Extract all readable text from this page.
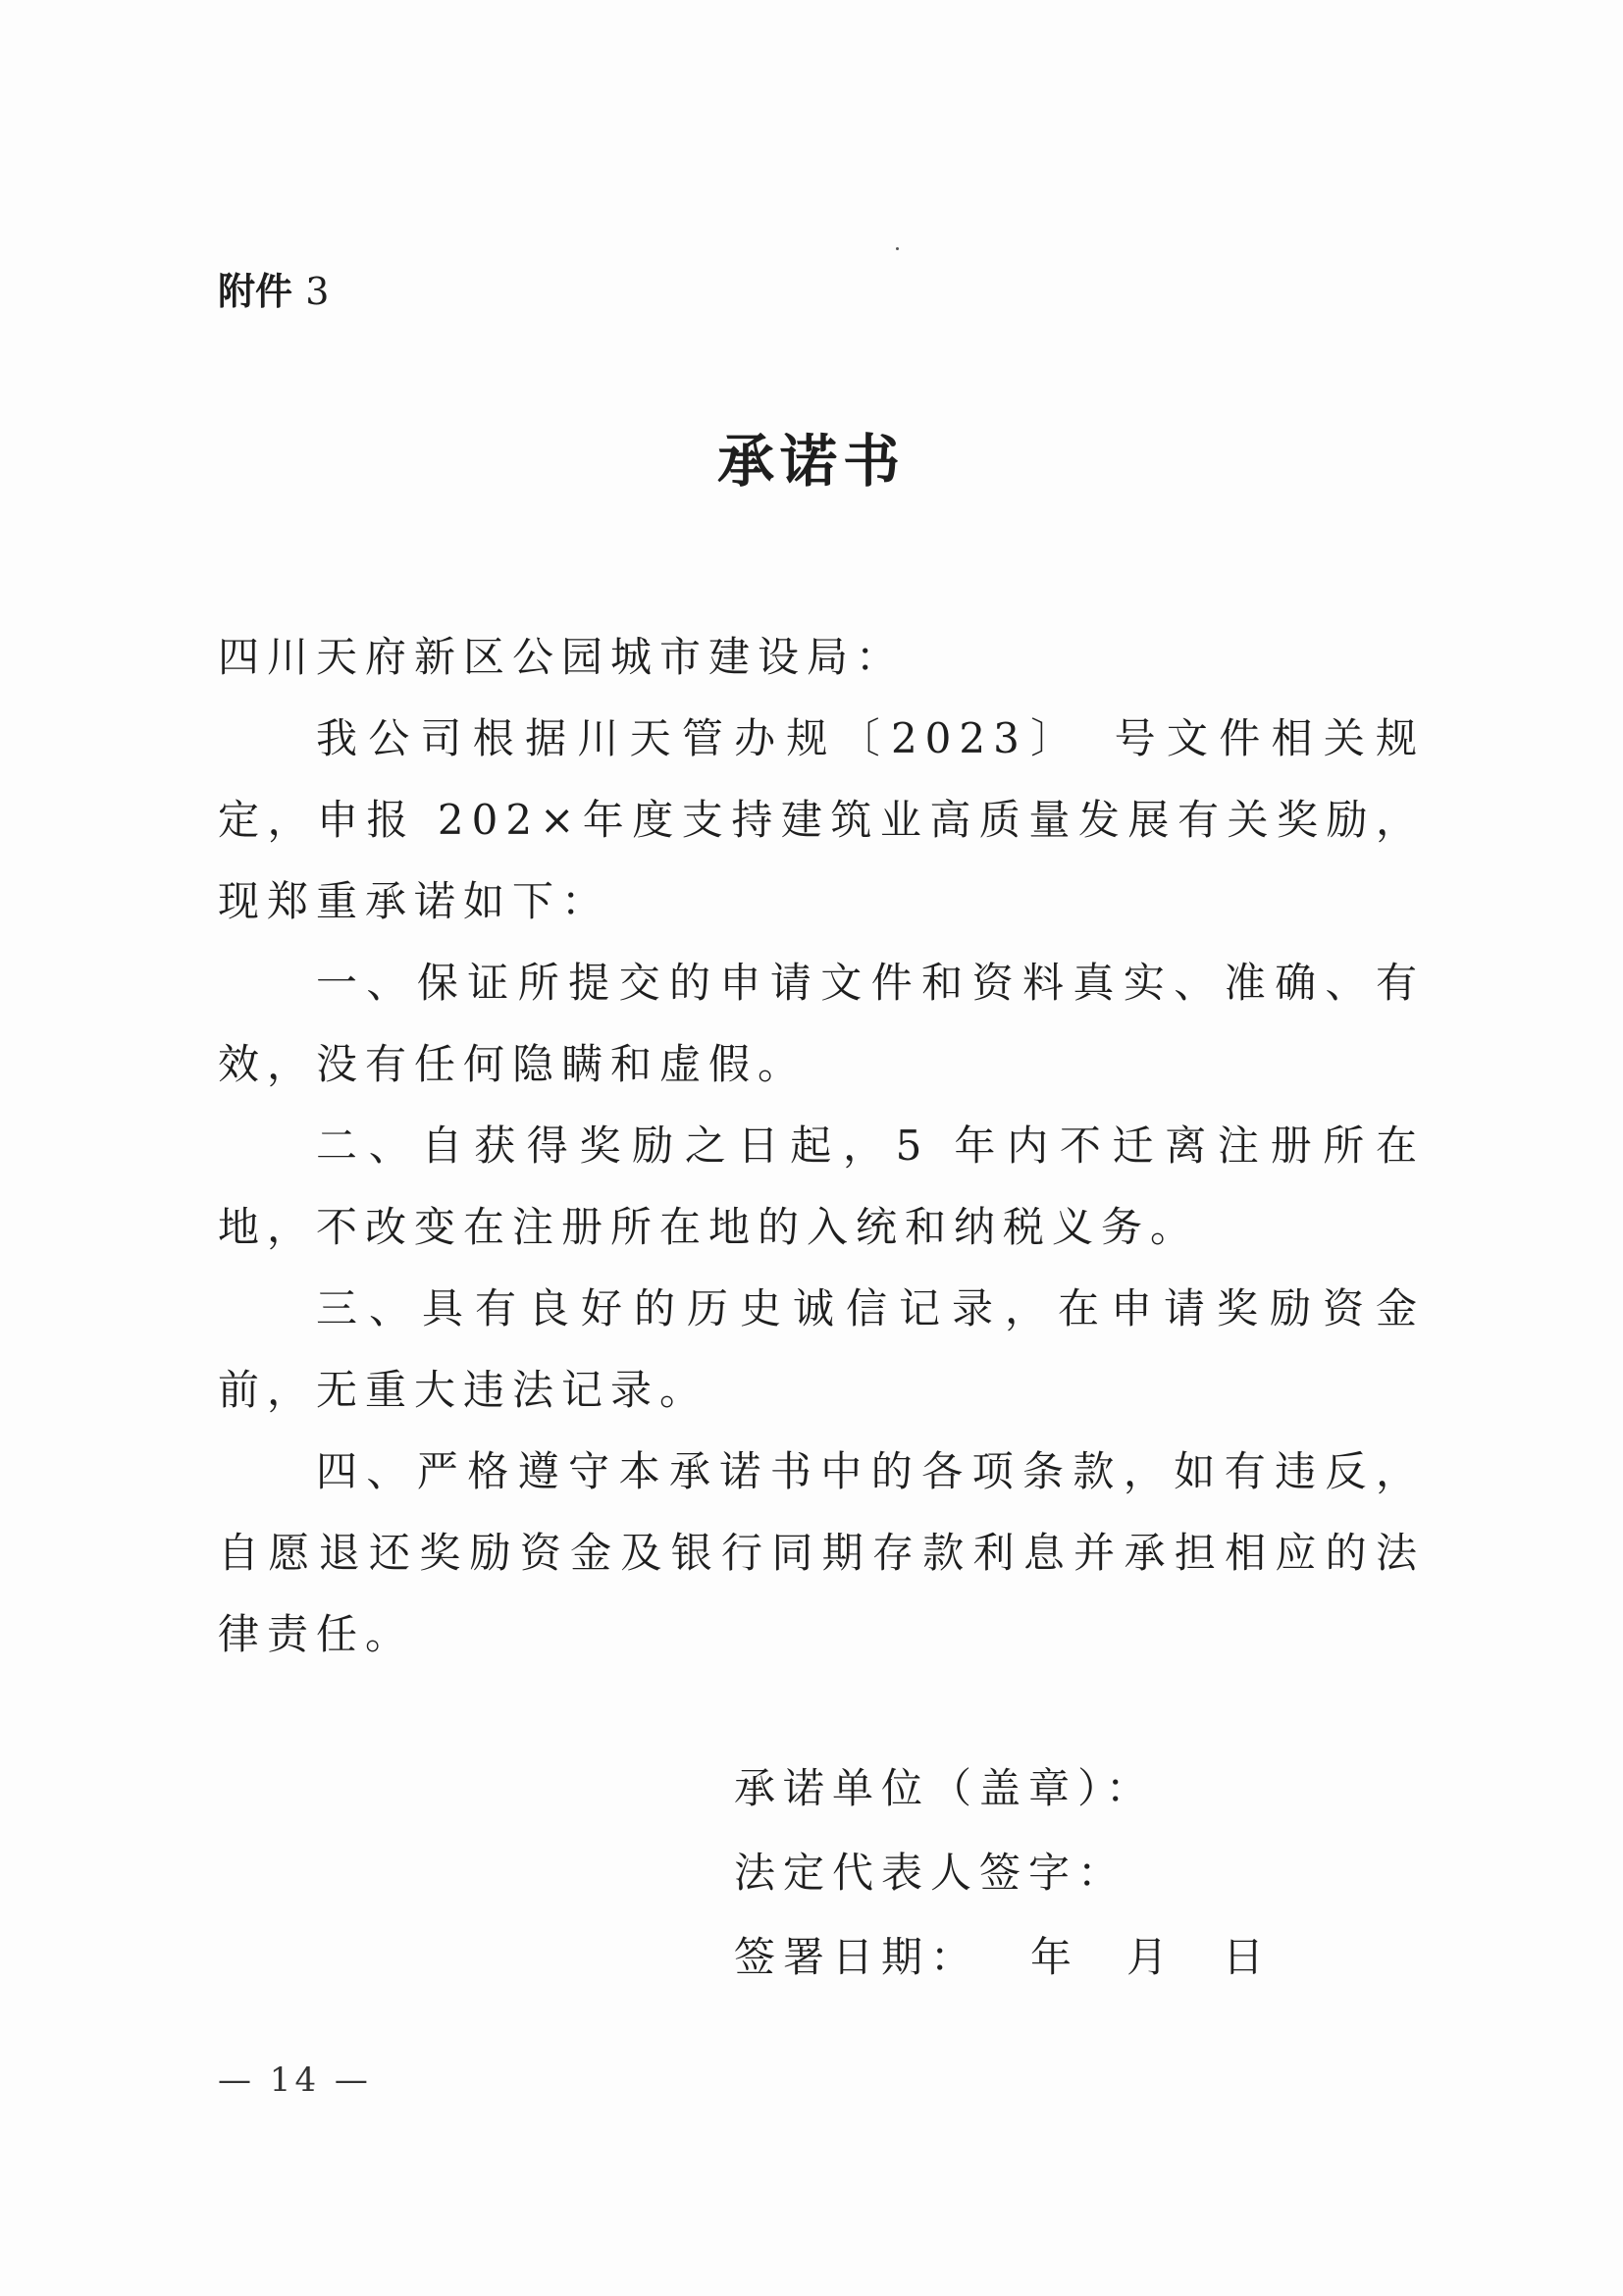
附件 3
承诺书

四川天府新区公园城市建设局：

我公司根据川天管办规〔2023〕　号文件相关规定，申报 202×年度支持建筑业高质量发展有关奖励，现郑重承诺如下：

一、保证所提交的申请文件和资料真实、准确、有效，没有任何隐瞒和虚假。

二、自获得奖励之日起，5 年内不迁离注册所在地，不改变在注册所在地的入统和纳税义务。

三、具有良好的历史诚信记录，在申请奖励资金前，无重大违法记录。

四、严格遵守本承诺书中的各项条款，如有违反，自愿退还奖励资金及银行同期存款利息并承担相应的法律责任。

承诺单位（盖章）：
法定代表人签字：
签署日期： 年 月 日
— 14 —
